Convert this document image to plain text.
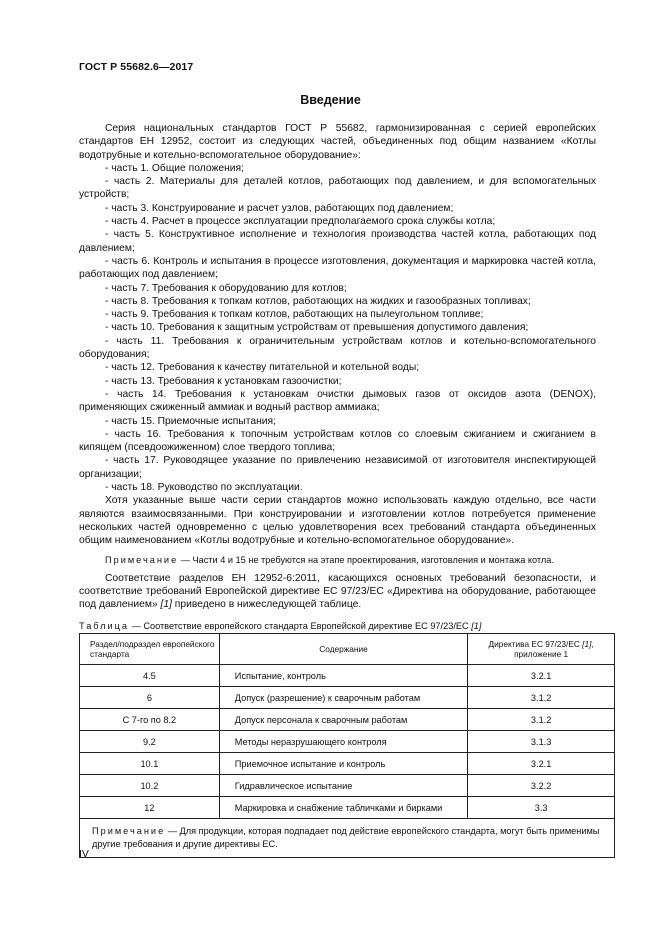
ГОСТ Р 55682.6—2017
Введение

Серия национальных стандартов ГОСТ Р 55682, гармонизированная с серией европейских стандартов ЕН 12952, состоит из следующих частей, объединенных под общим названием «Котлы водотрубные и котельно-вспомогательное оборудование»:

- часть 1. Общие положения;

- часть 2. Материалы для деталей котлов, работающих под давлением, и для вспомогательных устройств;

- часть 3. Конструирование и расчет узлов, работающих под давлением;

- часть 4. Расчет в процессе эксплуатации предполагаемого срока службы котла;

- часть 5. Конструктивное исполнение и технология производства частей котла, работающих под давлением;

- часть 6. Контроль и испытания в процессе изготовления, документация и маркировка частей котла, работающих под давлением;

- часть 7. Требования к оборудованию для котлов;

- часть 8. Требования к топкам котлов, работающих на жидких и газообразных топливах;

- часть 9. Требования к топкам котлов, работающих на пылеугольном топливе;

- часть 10. Требования к защитным устройствам от превышения допустимого давления;

- часть 11. Требования к ограничительным устройствам котлов и котельно-вспомогательного оборудования;

- часть 12. Требования к качеству питательной и котельной воды;

- часть 13. Требования к установкам газоочистки;

- часть 14. Требования к установкам очистки дымовых газов от оксидов азота (DENOX), применяющих сжиженный аммиак и водный раствор аммиака;

- часть 15. Приемочные испытания;

- часть 16. Требования к топочным устройствам котлов со слоевым сжиганием и сжиганием в кипящем (псевдоожиженном) слое твердого топлива;

- часть 17. Руководящее указание по привлечению независимой от изготовителя инспектирующей организации;

- часть 18. Руководство по эксплуатации.

Хотя указанные выше части серии стандартов можно использовать каждую отдельно, все части являются взаимосвязанными. При конструировании и изготовлении котлов потребуется применение нескольких частей одновременно с целью удовлетворения всех требований стандарта объединенных общим наименованием «Котлы водотрубные и котельно-вспомогательное оборудование».

Примечание — Части 4 и 15 не требуются на этапе проектирования, изготовления и монтажа котла.

Соответствие разделов ЕН 12952-6:2011, касающихся основных требований безопасности, и соответствие требований Европейской директиве ЕС 97/23/ЕС «Директива на оборудование, работающее под давлением» [1] приведено в нижеследующей таблице.

Таблица — Соответствие европейского стандарта Европейской директиве ЕС 97/23/ЕС [1]

Раздел/подраздел европейского стандарта	Содержание	Директива ЕС 97/23/ЕС [1], приложение 1
4.5	Испытание, контроль	3.2.1
6	Допуск (разрешение) к сварочным работам	3.1.2
С 7-го по 8.2	Допуск персонала к сварочным работам	3.1.2
9.2	Методы неразрушающего контроля	3.1.3
10.1	Приемочное испытание и контроль	3.2.1
10.2	Гидравлическое испытание	3.2.2
12	Маркировка и снабжение табличками и бирками	3.3
Примечание — Для продукции, которая подпадает под действие европейского стандарта, могут быть применимы другие требования и другие директивы ЕС.		
IV
